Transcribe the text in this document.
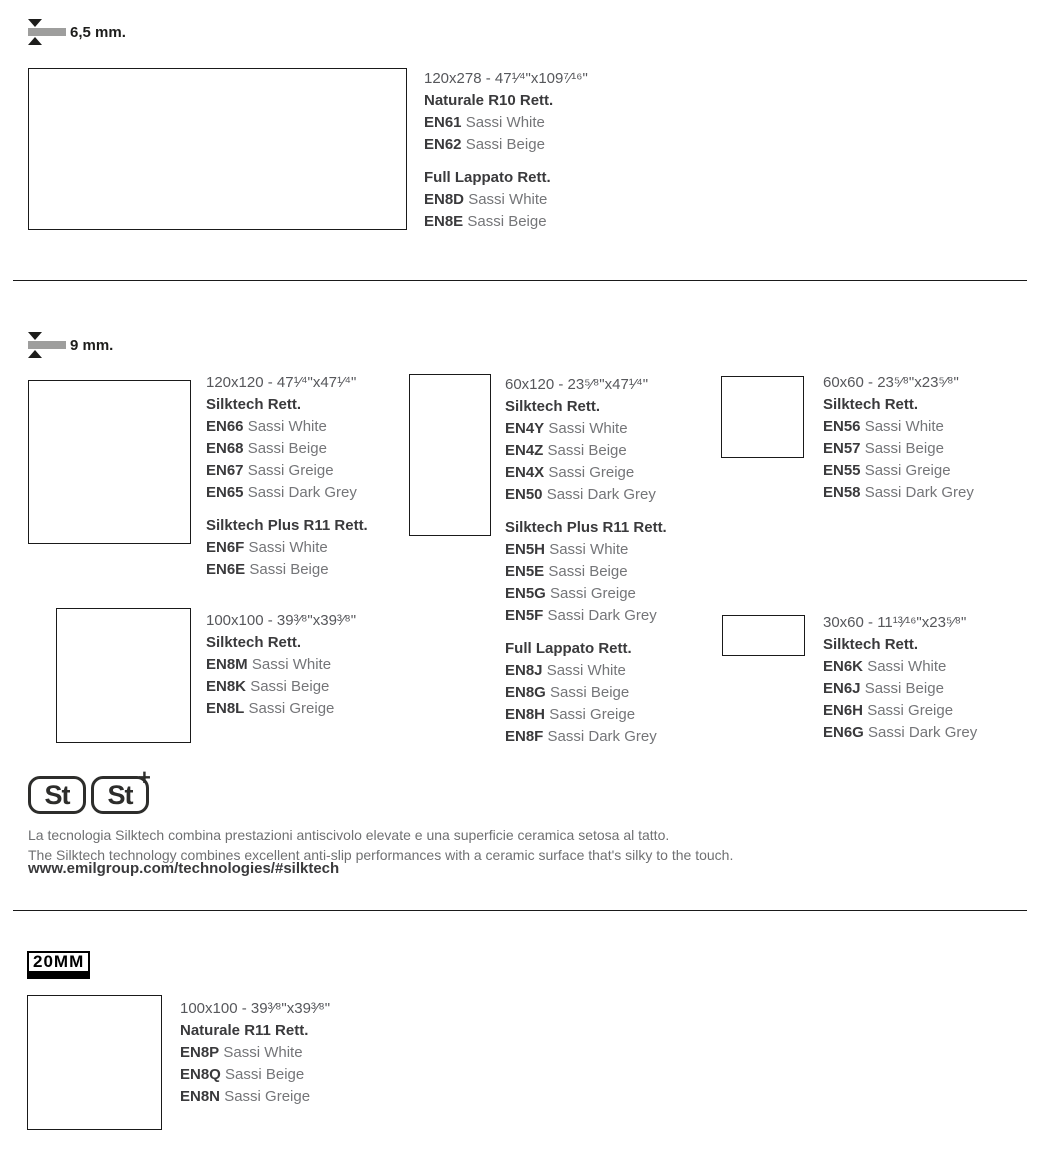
6,5 mm.
120x278 - 47¹⁄⁴"x109⁷⁄¹⁶"
Naturale R10 Rett.
EN61 Sassi White
EN62 Sassi Beige
Full Lappato Rett.
EN8D Sassi White
EN8E Sassi Beige
9 mm.
120x120 - 47¹⁄⁴"x47¹⁄⁴"
Silktech Rett.
EN66 Sassi White
EN68 Sassi Beige
EN67 Sassi Greige
EN65 Sassi Dark Grey
Silktech Plus R11 Rett.
EN6F Sassi White
EN6E Sassi Beige
100x100 - 39³⁄⁸"x39³⁄⁸"
Silktech Rett.
EN8M Sassi White
EN8K Sassi Beige
EN8L Sassi Greige
60x120 - 23⁵⁄⁸"x47¹⁄⁴"
Silktech Rett.
EN4Y Sassi White
EN4Z Sassi Beige
EN4X Sassi Greige
EN50 Sassi Dark Grey
Silktech Plus R11 Rett.
EN5H Sassi White
EN5E Sassi Beige
EN5G Sassi Greige
EN5F Sassi Dark Grey
Full Lappato Rett.
EN8J Sassi White
EN8G Sassi Beige
EN8H Sassi Greige
EN8F Sassi Dark Grey
60x60 - 23⁵⁄⁸"x23⁵⁄⁸"
Silktech Rett.
EN56 Sassi White
EN57 Sassi Beige
EN55 Sassi Greige
EN58 Sassi Dark Grey
30x60 - 11¹³⁄¹⁶"x23⁵⁄⁸"
Silktech Rett.
EN6K Sassi White
EN6J Sassi Beige
EN6H Sassi Greige
EN6G Sassi Dark Grey
St St
+
La tecnologia Silktech combina prestazioni antiscivolo elevate e una superficie ceramica setosa al tatto.
The Silktech technology combines excellent anti-slip performances with a ceramic surface that's silky to the touch.
www.emilgroup.com/technologies/#silktech
20MM
100x100 - 39³⁄⁸"x39³⁄⁸"
Naturale R11 Rett.
EN8P Sassi White
EN8Q Sassi Beige
EN8N Sassi Greige
